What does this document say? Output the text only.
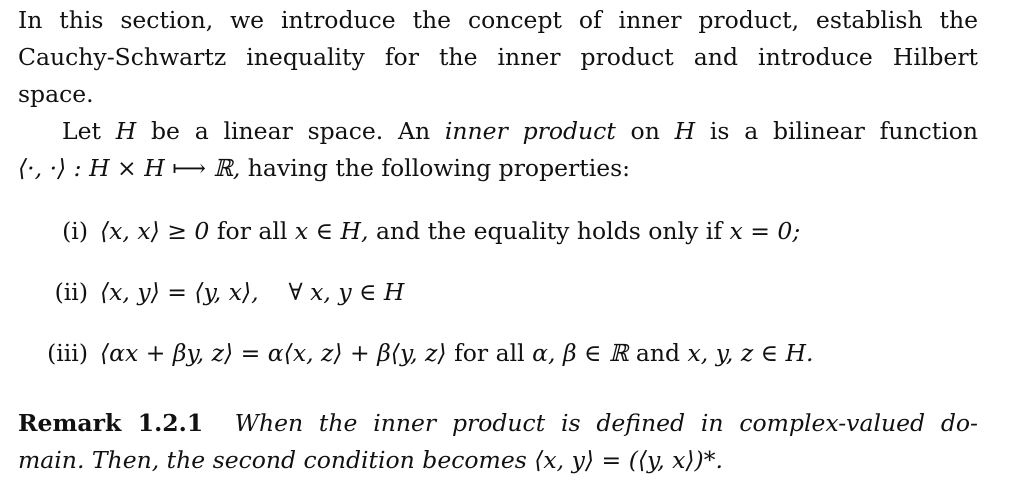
In this section, we introduce the concept of inner product, establish the
Cauchy-Schwartz inequality for the inner product and introduce Hilbert
space.

Let H be a linear space. An inner product on H is a bilinear function
⟨·, ·⟩ : H × H ⟼ ℝ, having the following properties:

(i) ⟨x, x⟩ ≥ 0 for all x ∈ H, and the equality holds only if x = 0;
(ii) ⟨x, y⟩ = ⟨y, x⟩,    ∀ x, y ∈ H
(iii) ⟨αx + βy, z⟩ = α⟨x, z⟩ + β⟨y, z⟩ for all α, β ∈ ℝ and x, y, z ∈ H.

Remark 1.2.1 When the inner product is defined in complex-valued do-
main. Then, the second condition becomes ⟨x, y⟩ = (⟨y, x⟩)*.
